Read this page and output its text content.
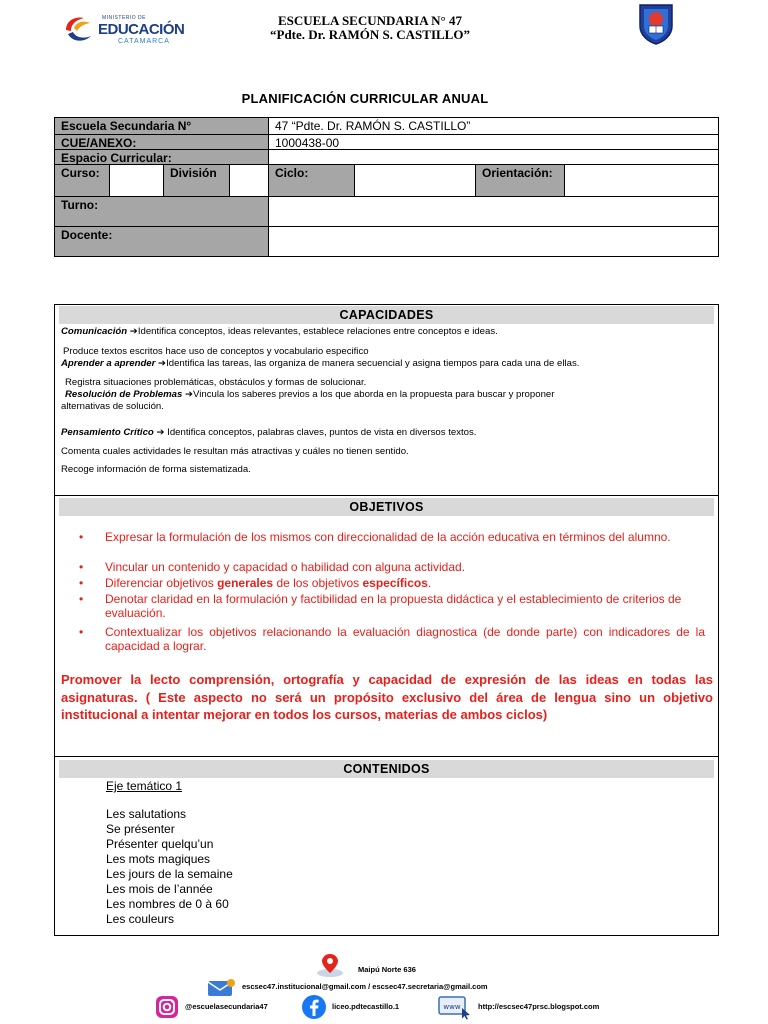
MINISTERIO DE
EDUCACIÓN
CATAMARCA
ESCUELA SECUNDARIA N° 47
“Pdte. Dr. RAMÓN S. CASTILLO”
PLANIFICACIÓN CURRICULAR ANUAL
Escuela Secundaria N°	47 “Pdte. Dr. RAMÓN S. CASTILLO”
CUE/ANEXO:	1000438-00
Espacio Curricular:
Curso:	División	Ciclo:	Orientación:
Turno:
Docente:
CAPACIDADES
Comunicación ➔Identifica conceptos, ideas relevantes, establece relaciones entre conceptos e ideas.
Produce textos escritos hace uso de conceptos y vocabulario especifico
Aprender a aprender ➔Identifica las tareas, las organiza de manera secuencial y asigna tiempos para cada una de ellas.
Registra situaciones problemáticas, obstáculos y formas de solucionar.
Resolución de Problemas ➔Vincula los saberes previos a los que aborda en la propuesta para buscar y proponer
alternativas de solución.
Pensamiento Crítico ➔ Identifica conceptos, palabras claves, puntos de vista en diversos textos.
Comenta cuales actividades le resultan más atractivas y cuáles no tienen sentido.
Recoge información de forma sistematizada.
OBJETIVOS
• Expresar la formulación de los mismos con direccionalidad de la acción educativa en términos del alumno.
• Vincular un contenido y capacidad o habilidad con alguna actividad.
• Diferenciar objetivos generales de los objetivos específicos.
• Denotar claridad en la formulación y factibilidad en la propuesta didáctica y el establecimiento de criterios de evaluación.
• Contextualizar los objetivos relacionando la evaluación diagnostica (de donde parte) con indicadores de la capacidad a lograr.
Promover la lecto comprensión, ortografía y capacidad de expresión de las ideas en todas las asignaturas. ( Este aspecto no será un propósito exclusivo del área de lengua sino un objetivo institucional a intentar mejorar en todos los cursos, materias de ambos ciclos)
CONTENIDOS
Eje temático 1
Les salutations
Se présenter
Présenter quelqu’un
Les mots magiques
Les jours de la semaine
Les mois de l’année
Les nombres de 0 à 60
Les couleurs
Maipú Norte 636
escsec47.institucional@gmail.com / escsec47.secretaria@gmail.com
@escuelasecundaria47	liceo.pdtecastillo.1	www http://escsec47prsc.blogspot.com
